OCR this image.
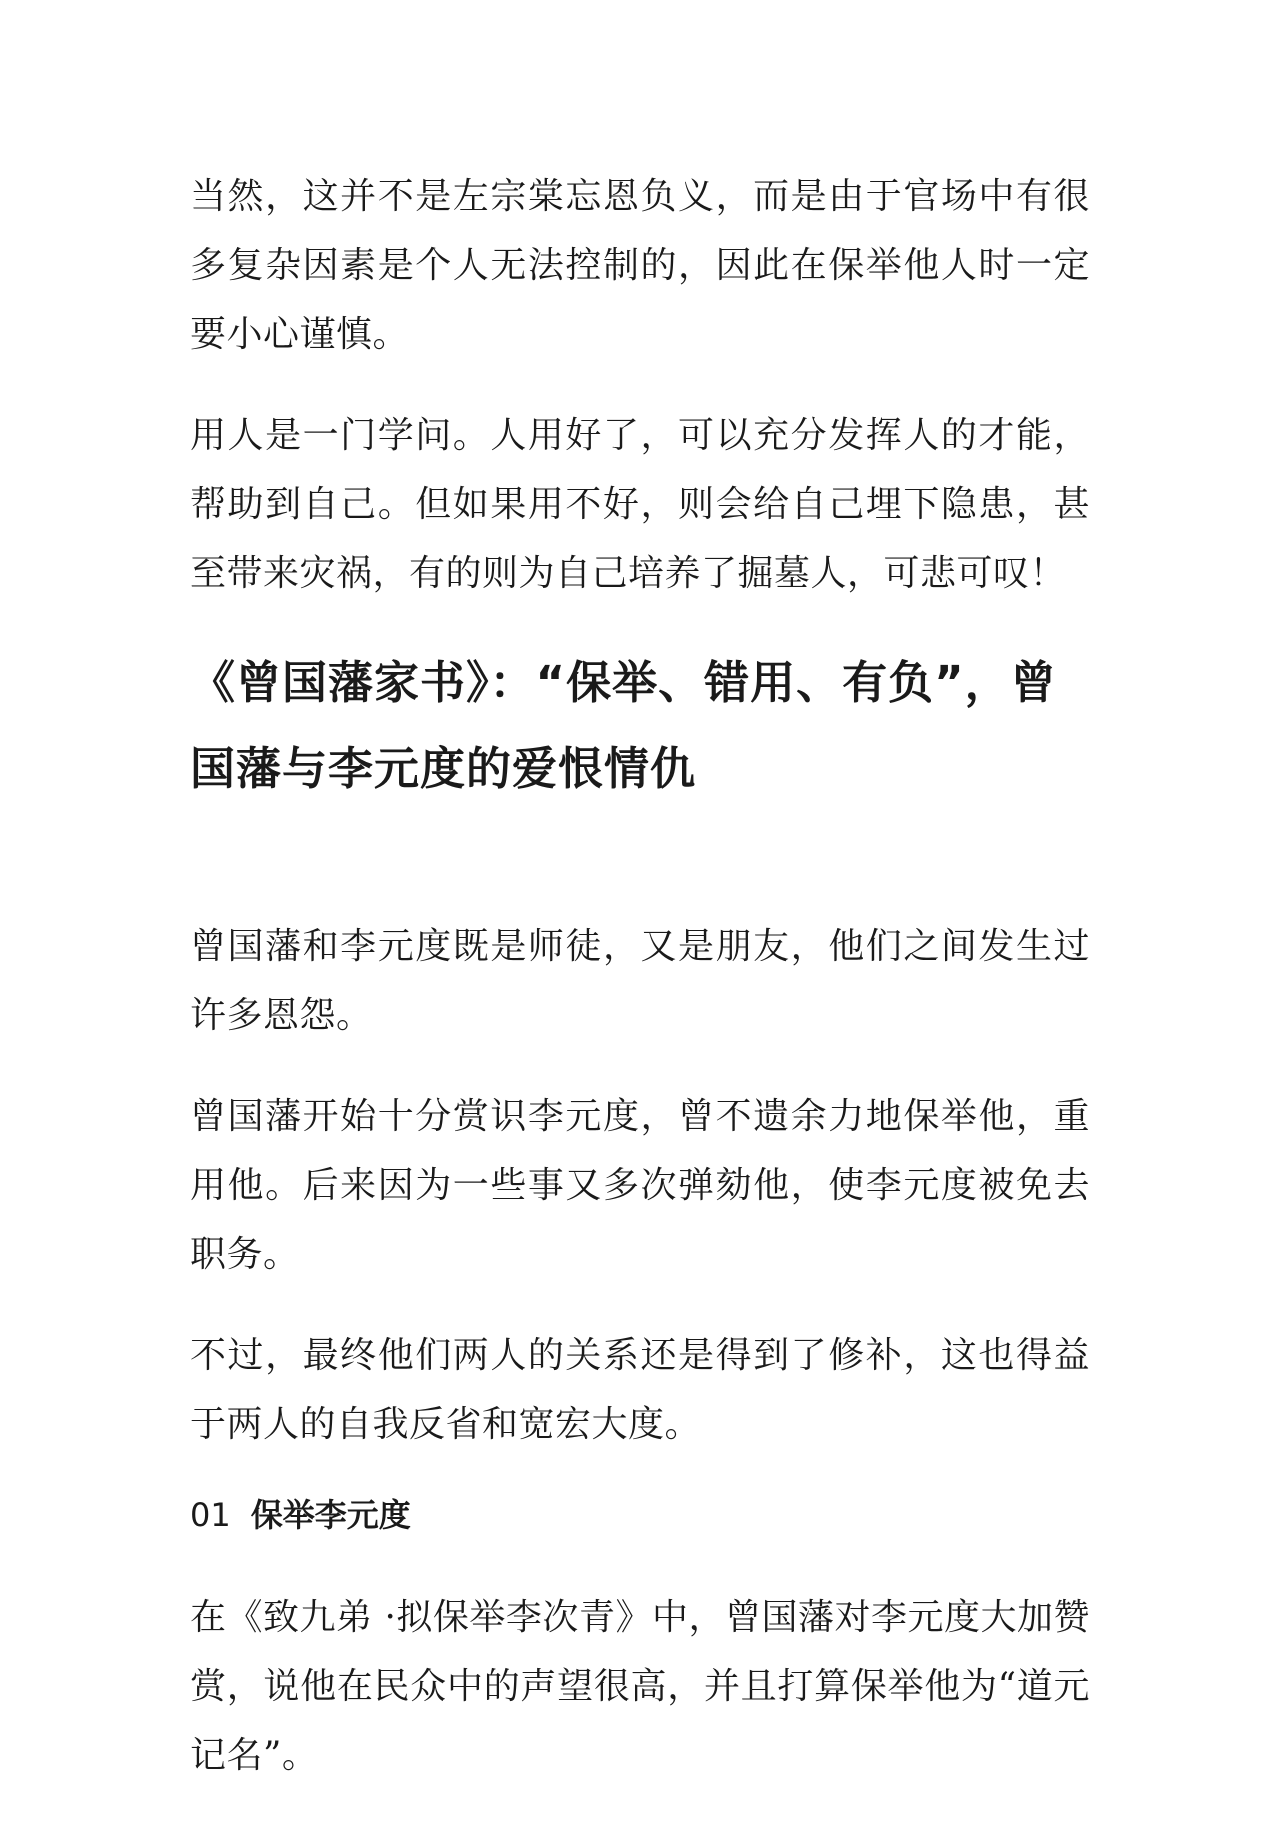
当然，这并不是左宗棠忘恩负义，而是由于官场中有很多复杂因素是个人无法控制的，因此在保举他人时一定要小心谨慎。

用人是一门学问。人用好了，可以充分发挥人的才能，帮助到自己。但如果用不好，则会给自己埋下隐患，甚至带来灾祸，有的则为自己培养了掘墓人，可悲可叹！

《曾国藩家书》：“保举、错用、有负”，曾国藩与李元度的爱恨情仇

曾国藩和李元度既是师徒，又是朋友，他们之间发生过许多恩怨。

曾国藩开始十分赏识李元度，曾不遗余力地保举他，重用他。后来因为一些事又多次弹劾他，使李元度被免去职务。

不过，最终他们两人的关系还是得到了修补，这也得益于两人的自我反省和宽宏大度。

01 保举李元度

在《致九弟 ·拟保举李次青》中，曾国藩对李元度大加赞赏，说他在民众中的声望很高，并且打算保举他为“道元记名”。
